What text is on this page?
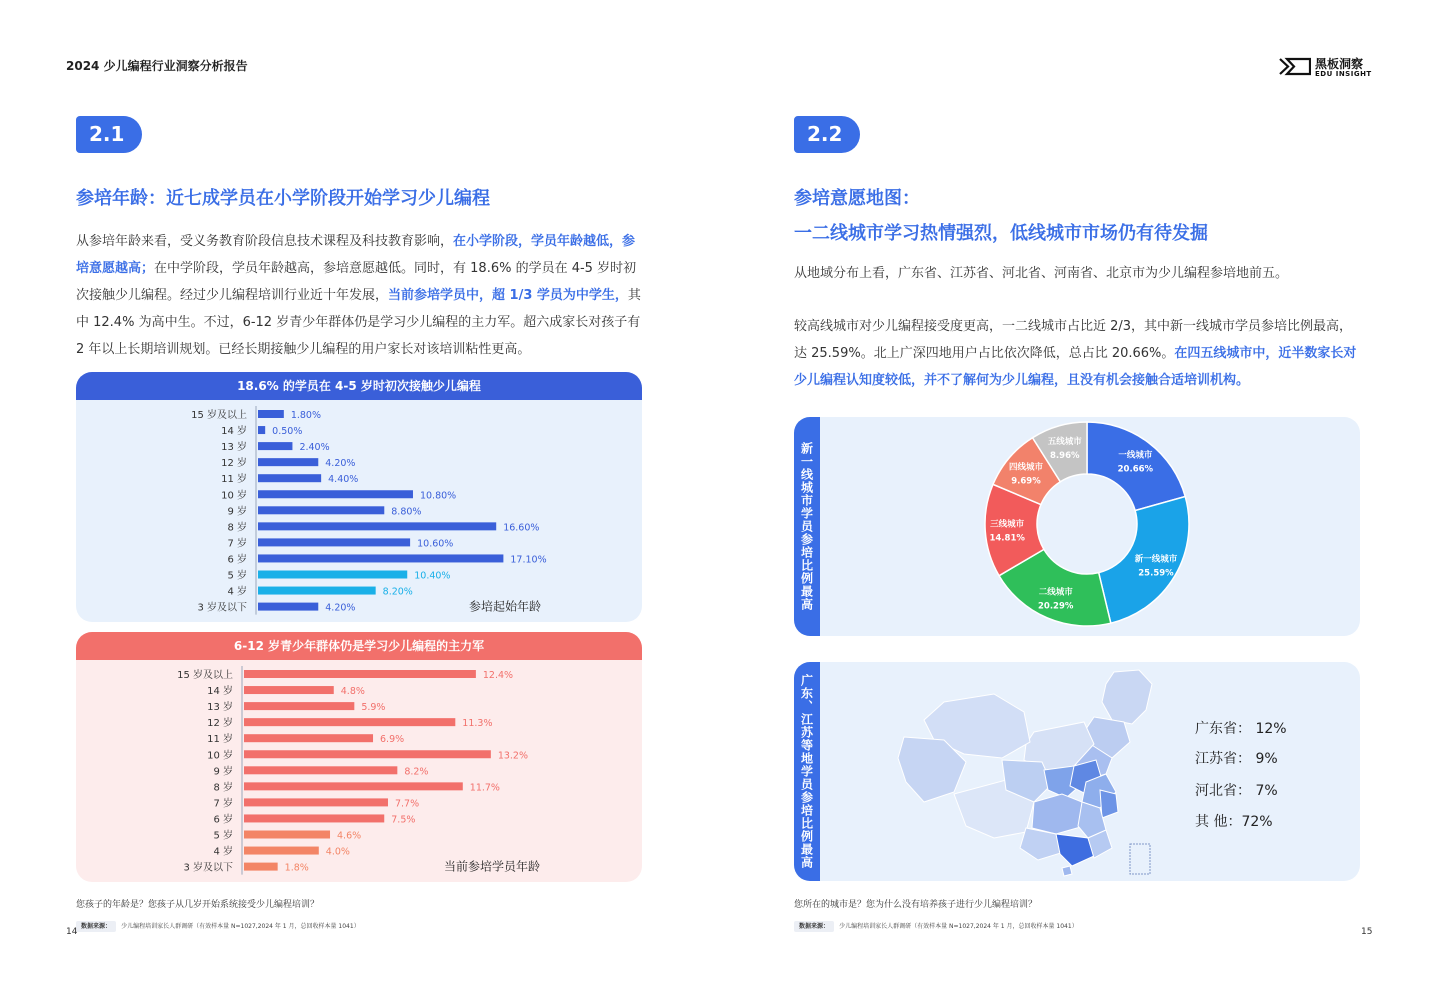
2024 少儿编程行业洞察分析报告	黑板洞察
EDU INSIGHT
2.1
参培年龄：近七成学员在小学阶段开始学习少儿编程
从参培年龄来看，受义务教育阶段信息技术课程及科技教育影响，在小学阶段，学员年龄越低，参培意愿越高；在中学阶段，学员年龄越高，参培意愿越低。同时，有 18.6% 的学员在 4-5 岁时初次接触少儿编程。经过少儿编程培训行业近十年发展，当前参培学员中，超 1/3 学员为中学生，其中 12.4% 为高中生。不过，6-12 岁青少年群体仍是学习少儿编程的主力军。超六成家长对孩子有 2 年以上长期培训规划。已经长期接触少儿编程的用户家长对该培训粘性更高。
18.6% 的学员在 4-5 岁时初次接触少儿编程
15 岁及以上	1.80%
14 岁	0.50%
13 岁	2.40%
12 岁	4.20%
11 岁	4.40%
10 岁	10.80%
9 岁	8.80%
8 岁	16.60%
7 岁	10.60%
6 岁	17.10%
5 岁	10.40%
4 岁	8.20%
3 岁及以下	4.20%	参培起始年龄
6-12 岁青少年群体仍是学习少儿编程的主力军
15 岁及以上	12.4%
14 岁	4.8%
13 岁	5.9%
12 岁	11.3%
11 岁	6.9%
10 岁	13.2%
9 岁	8.2%
8 岁	11.7%
7 岁	7.7%
6 岁	7.5%
5 岁	4.6%
4 岁	4.0%
3 岁及以下	1.8%	当前参培学员年龄
您孩子的年龄是？您孩子从几岁开始系统接受少儿编程培训？
数据来源： 少儿编程培训家长人群调研（有效样本量 N=1027,2024 年 1 月，总回收样本量 1041）
14
2.2
参培意愿地图：
一二线城市学习热情强烈，低线城市市场仍有待发掘
从地域分布上看，广东省、江苏省、河北省、河南省、北京市为少儿编程参培地前五。
较高线城市对少儿编程接受度更高，一二线城市占比近 2/3，其中新一线城市学员参培比例最高，达 25.59%。北上广深四地用户占比依次降低，总占比 20.66%。在四五线城市中，近半数家长对少儿编程认知度较低，并不了解何为少儿编程，且没有机会接触合适培训机构。
新一线城市学员参培比例最高	一线城市
20.66%
新一线城市
25.59%
二线城市
20.29%
三线城市
14.81%
四线城市
9.69%
五线城市
8.96%
广东、江苏等地学员参培比例最高	广东省： 12%
江苏省： 9%
河北省： 7%
其 他：72%
您所在的城市是？您为什么没有培养孩子进行少儿编程培训？
数据来源： 少儿编程培训家长人群调研（有效样本量 N=1027,2024 年 1 月，总回收样本量 1041）
15
